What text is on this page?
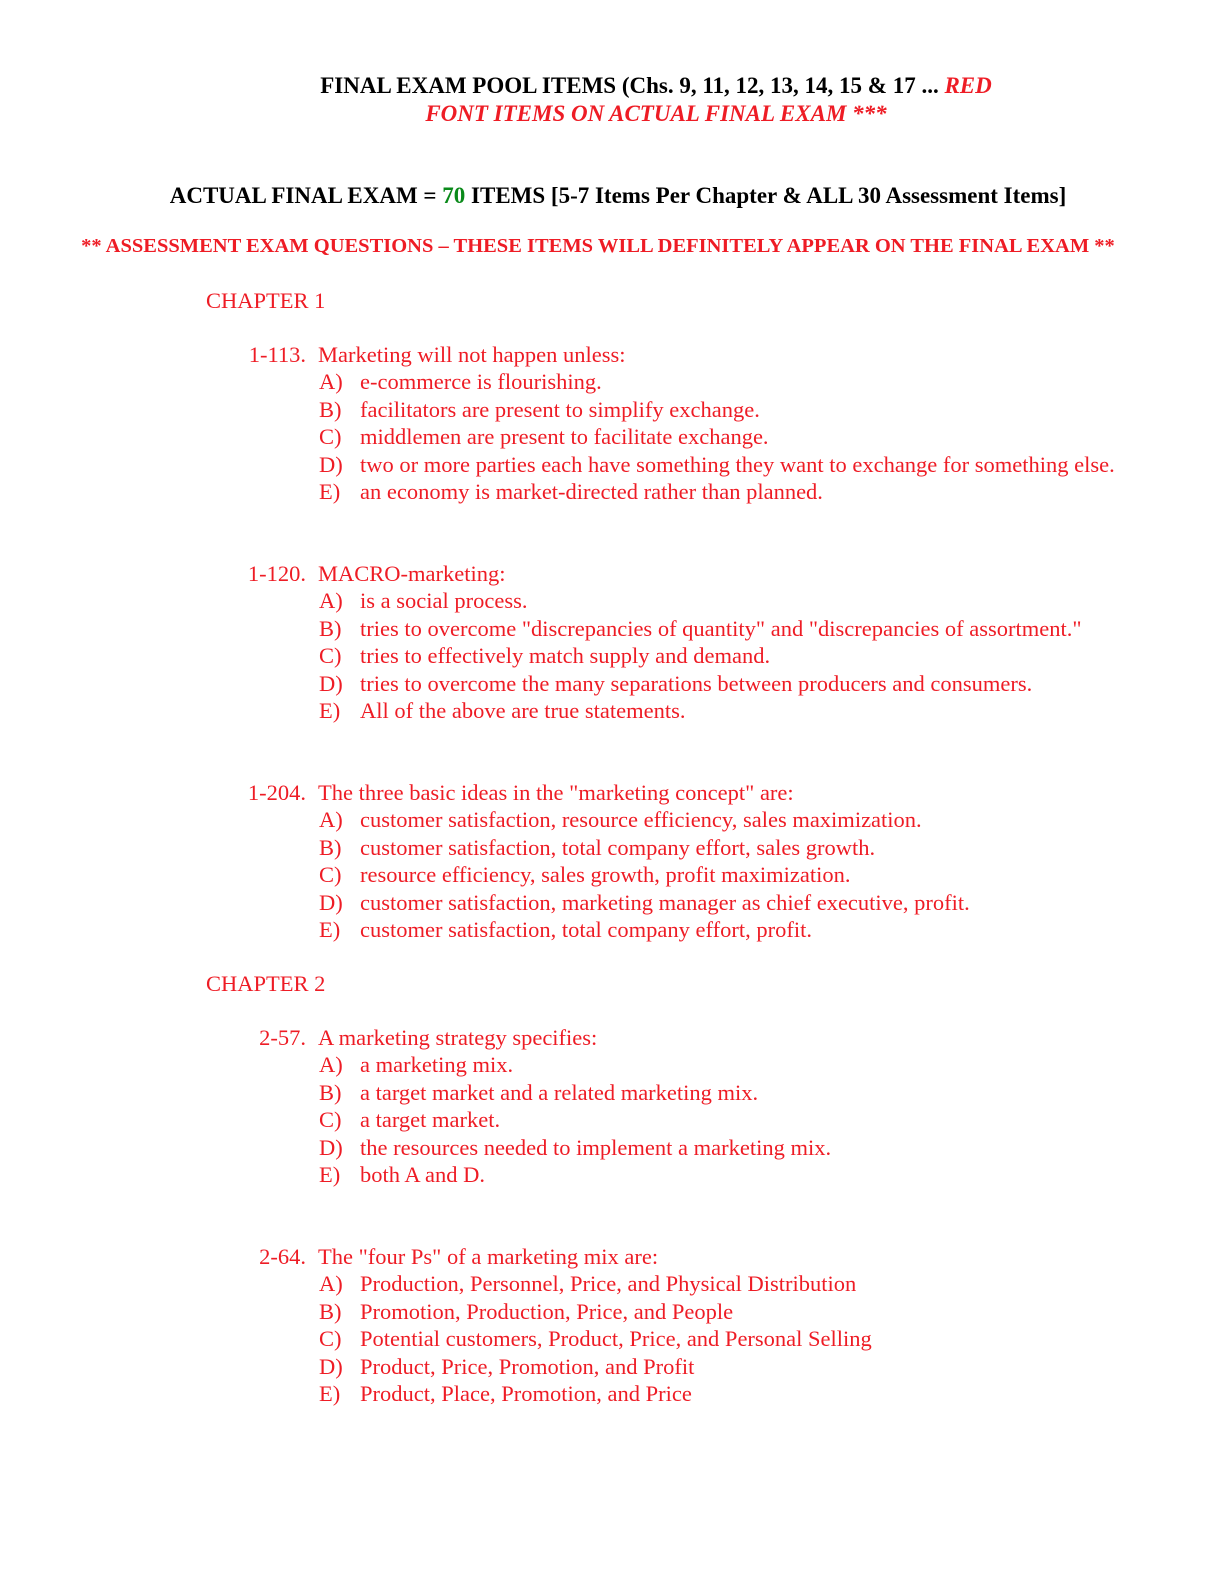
FINAL EXAM POOL ITEMS (Chs. 9, 11, 12, 13, 14, 15 & 17 ... RED
FONT ITEMS ON ACTUAL FINAL EXAM ***
ACTUAL FINAL EXAM = 70 ITEMS [5-7 Items Per Chapter & ALL 30 Assessment Items]
** ASSESSMENT EXAM QUESTIONS – THESE ITEMS WILL DEFINITELY APPEAR ON THE FINAL EXAM **
CHAPTER 1
1-113. Marketing will not happen unless:
A) e-commerce is flourishing.
B) facilitators are present to simplify exchange.
C) middlemen are present to facilitate exchange.
D) two or more parties each have something they want to exchange for something else.
E) an economy is market-directed rather than planned.
1-120. MACRO-marketing:
A) is a social process.
B) tries to overcome "discrepancies of quantity" and "discrepancies of assortment."
C) tries to effectively match supply and demand.
D) tries to overcome the many separations between producers and consumers.
E) All of the above are true statements.
1-204. The three basic ideas in the "marketing concept" are:
A) customer satisfaction, resource efficiency, sales maximization.
B) customer satisfaction, total company effort, sales growth.
C) resource efficiency, sales growth, profit maximization.
D) customer satisfaction, marketing manager as chief executive, profit.
E) customer satisfaction, total company effort, profit.
CHAPTER 2
2-57. A marketing strategy specifies:
A) a marketing mix.
B) a target market and a related marketing mix.
C) a target market.
D) the resources needed to implement a marketing mix.
E) both A and D.
2-64. The "four Ps" of a marketing mix are:
A) Production, Personnel, Price, and Physical Distribution
B) Promotion, Production, Price, and People
C) Potential customers, Product, Price, and Personal Selling
D) Product, Price, Promotion, and Profit
E) Product, Place, Promotion, and Price
